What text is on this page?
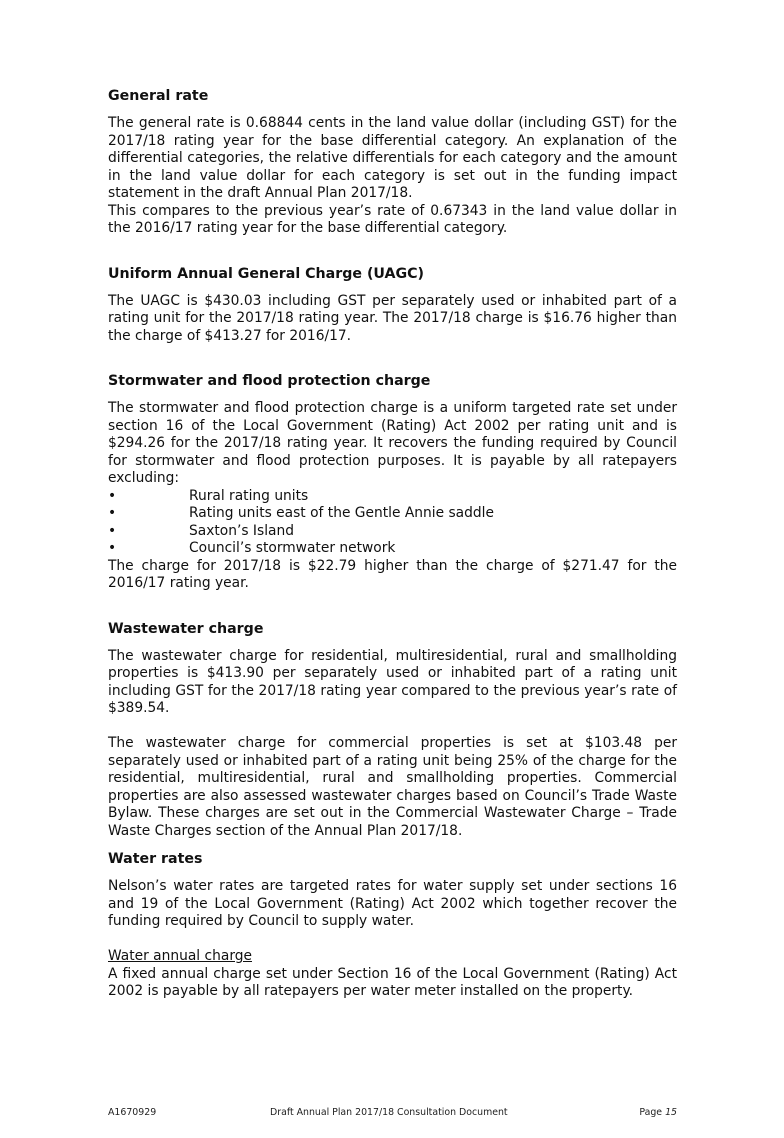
General rate

The general rate is 0.68844 cents in the land value dollar (including GST) for the 2017/18 rating year for the base differential category. An explanation of the differential categories, the relative differentials for each category and the amount in the land value dollar for each category is set out in the funding impact statement in the draft Annual Plan 2017/18.

This compares to the previous year’s rate of 0.67343 in the land value dollar in the 2016/17 rating year for the base differential category.

Uniform Annual General Charge (UAGC)

The UAGC is $430.03 including GST per separately used or inhabited part of a rating unit for the 2017/18 rating year. The 2017/18 charge is $16.76 higher than the charge of $413.27 for 2016/17.

Stormwater and flood protection charge

The stormwater and flood protection charge is a uniform targeted rate set under section 16 of the Local Government (Rating) Act 2002 per rating unit and is $294.26 for the 2017/18 rating year. It recovers the funding required by Council for stormwater and flood protection purposes. It is payable by all ratepayers excluding:

•	Rural rating units
•	Rating units east of the Gentle Annie saddle
•	Saxton’s Island
•	Council’s stormwater network

The charge for 2017/18 is $22.79 higher than the charge of $271.47 for the 2016/17 rating year.

Wastewater charge

The wastewater charge for residential, multiresidential, rural and smallholding properties is $413.90 per separately used or inhabited part of a rating unit including GST for the 2017/18 rating year compared to the previous year’s rate of $389.54.

The wastewater charge for commercial properties is set at $103.48 per separately used or inhabited part of a rating unit being 25% of the charge for the residential, multiresidential, rural and smallholding properties. Commercial properties are also assessed wastewater charges based on Council’s Trade Waste Bylaw. These charges are set out in the Commercial Wastewater Charge – Trade Waste Charges section of the Annual Plan 2017/18.

Water rates

Nelson’s water rates are targeted rates for water supply set under sections 16 and 19 of the Local Government (Rating) Act 2002 which together recover the funding required by Council to supply water.

Water annual charge

A fixed annual charge set under Section 16 of the Local Government (Rating) Act 2002 is payable by all ratepayers per water meter installed on the property.

A1670929	Draft Annual Plan 2017/18 Consultation Document	Page 15
